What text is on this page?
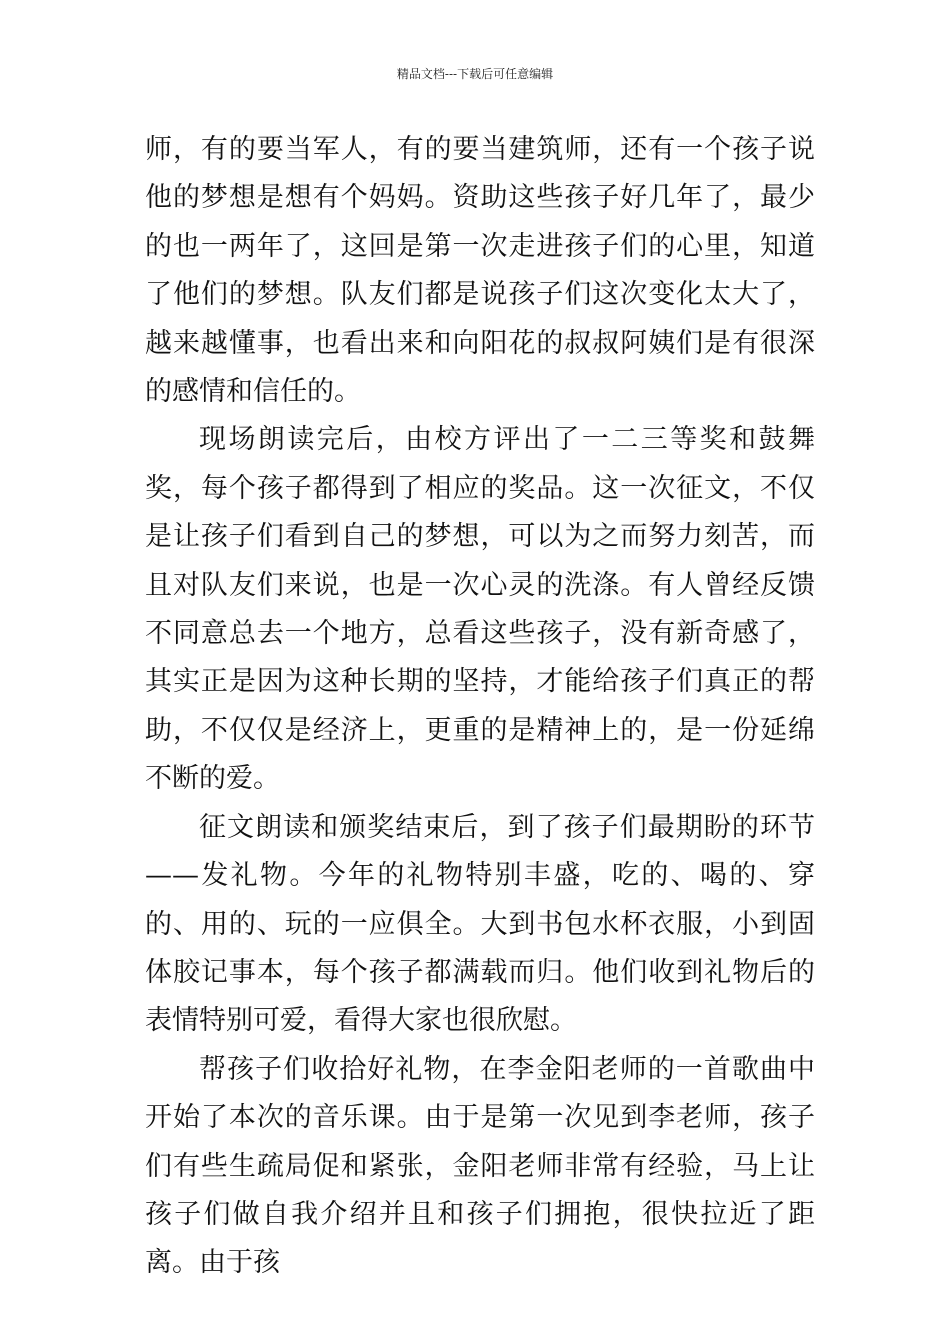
精品文档---下载后可任意编辑

师，有的要当军人，有的要当建筑师，还有一个孩子说他的梦想是想有个妈妈。资助这些孩子好几年了，最少的也一两年了，这回是第一次走进孩子们的心里，知道了他们的梦想。队友们都是说孩子们这次变化太大了，越来越懂事，也看出来和向阳花的叔叔阿姨们是有很深的感情和信任的。

现场朗读完后，由校方评出了一二三等奖和鼓舞奖，每个孩子都得到了相应的奖品。这一次征文，不仅是让孩子们看到自己的梦想，可以为之而努力刻苦，而且对队友们来说，也是一次心灵的洗涤。有人曾经反馈不同意总去一个地方，总看这些孩子，没有新奇感了，其实正是因为这种长期的坚持，才能给孩子们真正的帮助，不仅仅是经济上，更重的是精神上的，是一份延绵不断的爱。

征文朗读和颁奖结束后，到了孩子们最期盼的环节——发礼物。今年的礼物特别丰盛，吃的、喝的、穿的、用的、玩的一应俱全。大到书包水杯衣服，小到固体胶记事本，每个孩子都满载而归。他们收到礼物后的表情特别可爱，看得大家也很欣慰。

帮孩子们收拾好礼物，在李金阳老师的一首歌曲中开始了本次的音乐课。由于是第一次见到李老师，孩子们有些生疏局促和紧张，金阳老师非常有经验，马上让孩子们做自我介绍并且和孩子们拥抱，很快拉近了距离。由于孩
